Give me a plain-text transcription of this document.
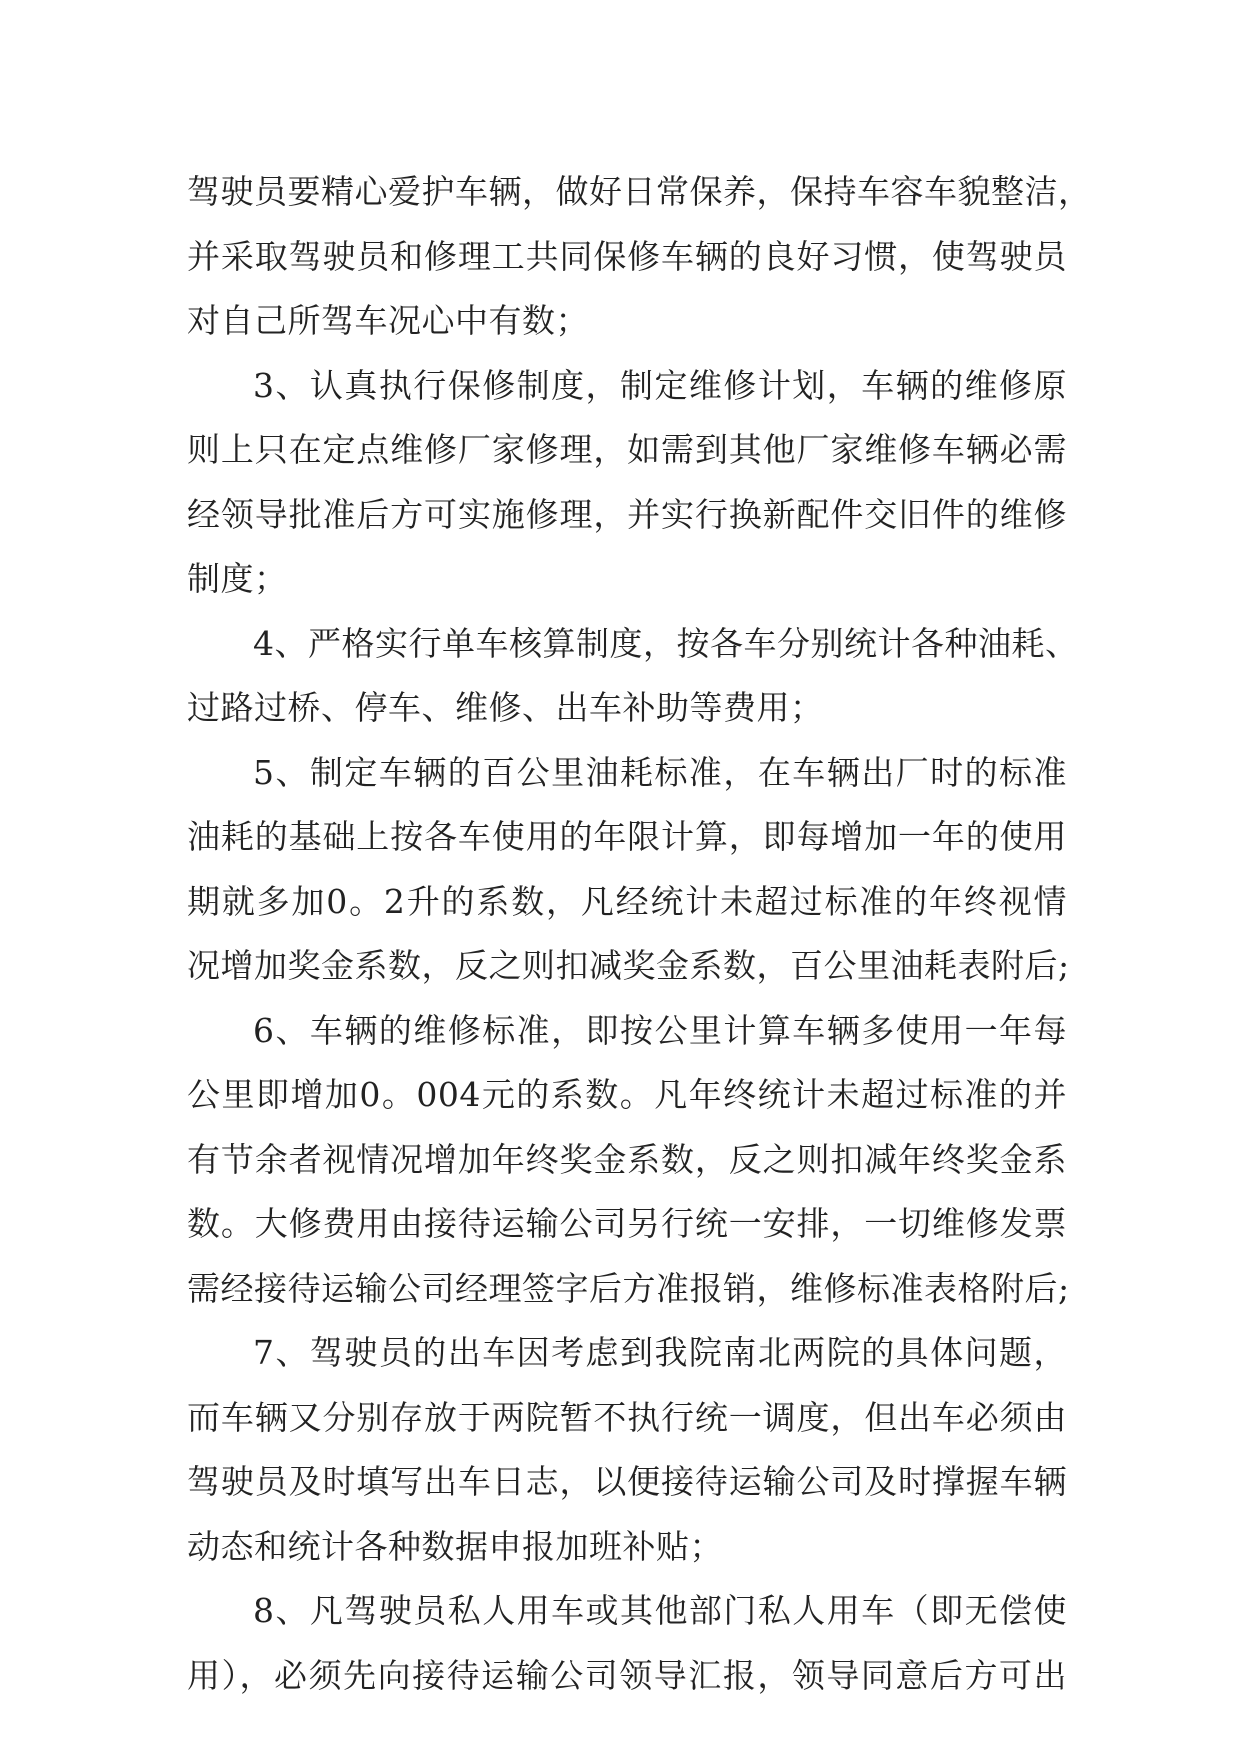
驾驶员要精心爱护车辆，做好日常保养，保持车容车貌整洁，
并采取驾驶员和修理工共同保修车辆的良好习惯，使驾驶员
对自己所驾车况心中有数；
3、认真执行保修制度，制定维修计划，车辆的维修原
则上只在定点维修厂家修理，如需到其他厂家维修车辆必需
经领导批准后方可实施修理，并实行换新配件交旧件的维修
制度；
4、严格实行单车核算制度，按各车分别统计各种油耗、
过路过桥、停车、维修、出车补助等费用；
5、制定车辆的百公里油耗标准，在车辆出厂时的标准
油耗的基础上按各车使用的年限计算，即每增加一年的使用
期就多加0。2升的系数，凡经统计未超过标准的年终视情
况增加奖金系数，反之则扣减奖金系数，百公里油耗表附后;
6、车辆的维修标准，即按公里计算车辆多使用一年每
公里即增加0。004元的系数。凡年终统计未超过标准的并
有节余者视情况增加年终奖金系数，反之则扣减年终奖金系
数。大修费用由接待运输公司另行统一安排，一切维修发票
需经接待运输公司经理签字后方准报销，维修标准表格附后;
7、驾驶员的出车因考虑到我院南北两院的具体问题，
而车辆又分别存放于两院暂不执行统一调度，但出车必须由
驾驶员及时填写出车日志，以便接待运输公司及时撑握车辆
动态和统计各种数据申报加班补贴；
8、凡驾驶员私人用车或其他部门私人用车（即无偿使
用），必须先向接待运输公司领导汇报，领导同意后方可出
